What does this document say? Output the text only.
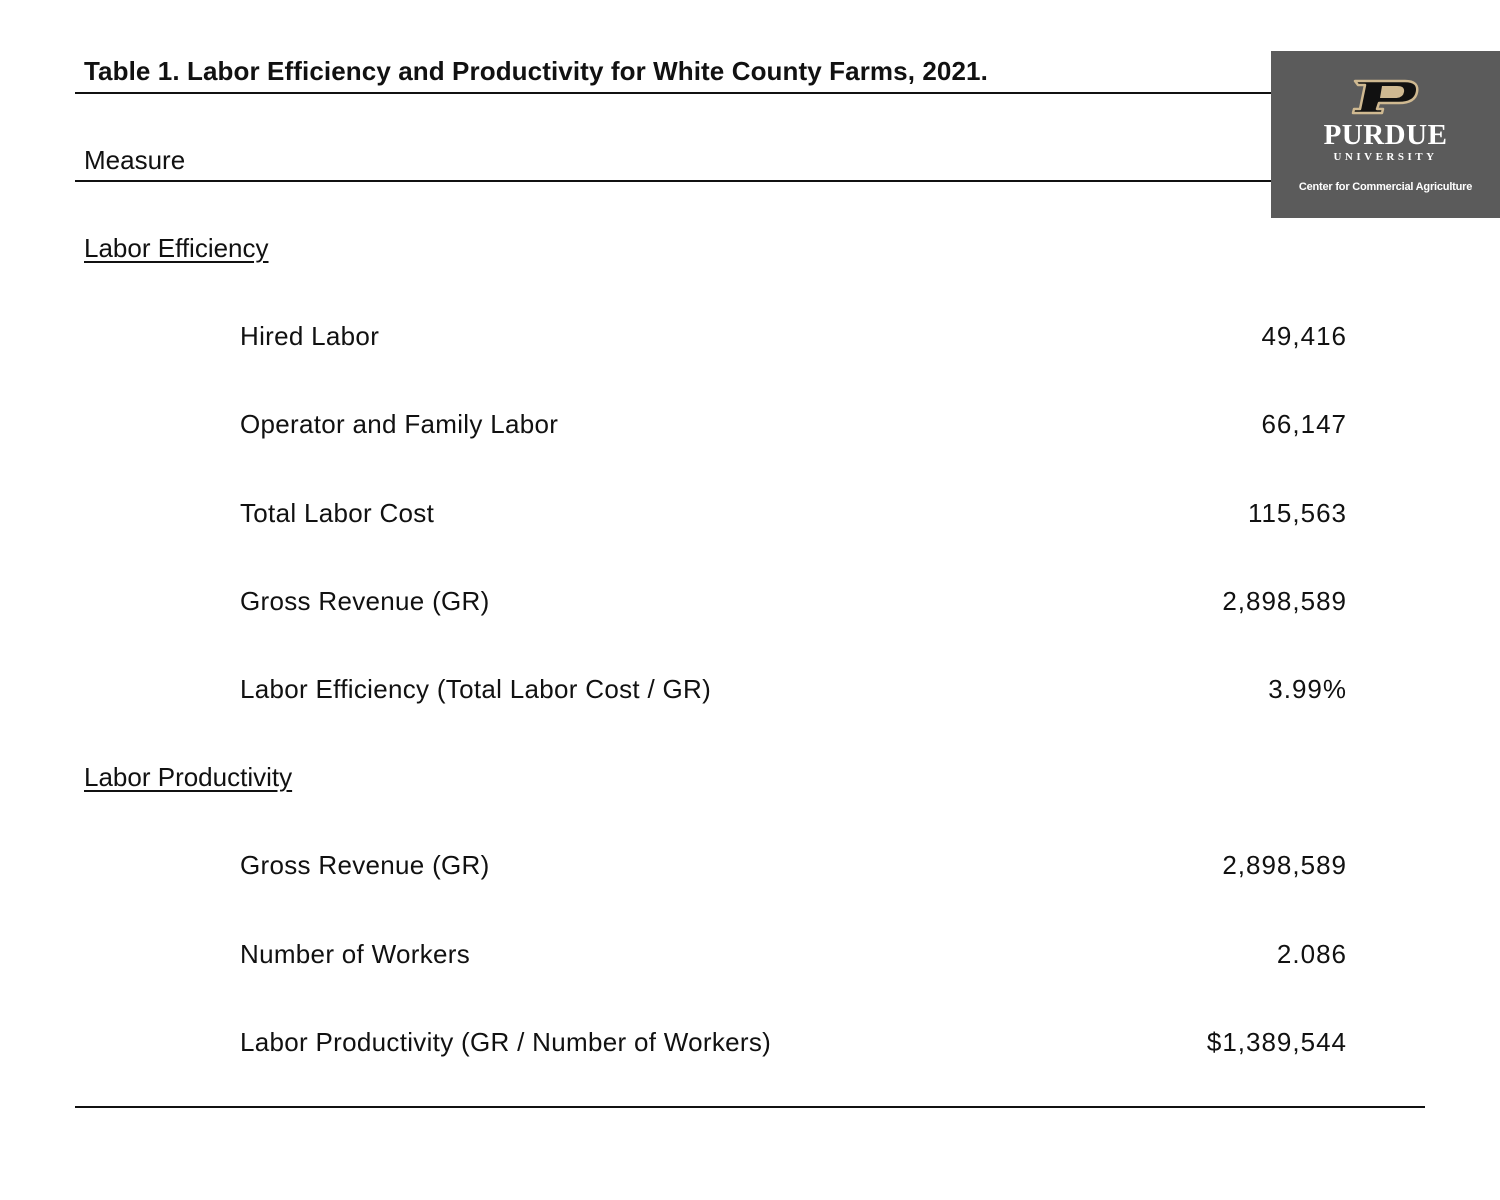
Table 1. Labor Efficiency and Productivity for White County Farms, 2021.
Measure
Labor Efficiency
Hired Labor	49,416
Operator and Family Labor	66,147
Total Labor Cost	115,563
Gross Revenue (GR)	2,898,589
Labor Efficiency (Total Labor Cost / GR)	3.99%
Labor Productivity
Gross Revenue (GR)	2,898,589
Number of Workers	2.086
Labor Productivity (GR / Number of Workers)	$1,389,544
PURDUE
UNIVERSITY
Center for Commercial Agriculture
